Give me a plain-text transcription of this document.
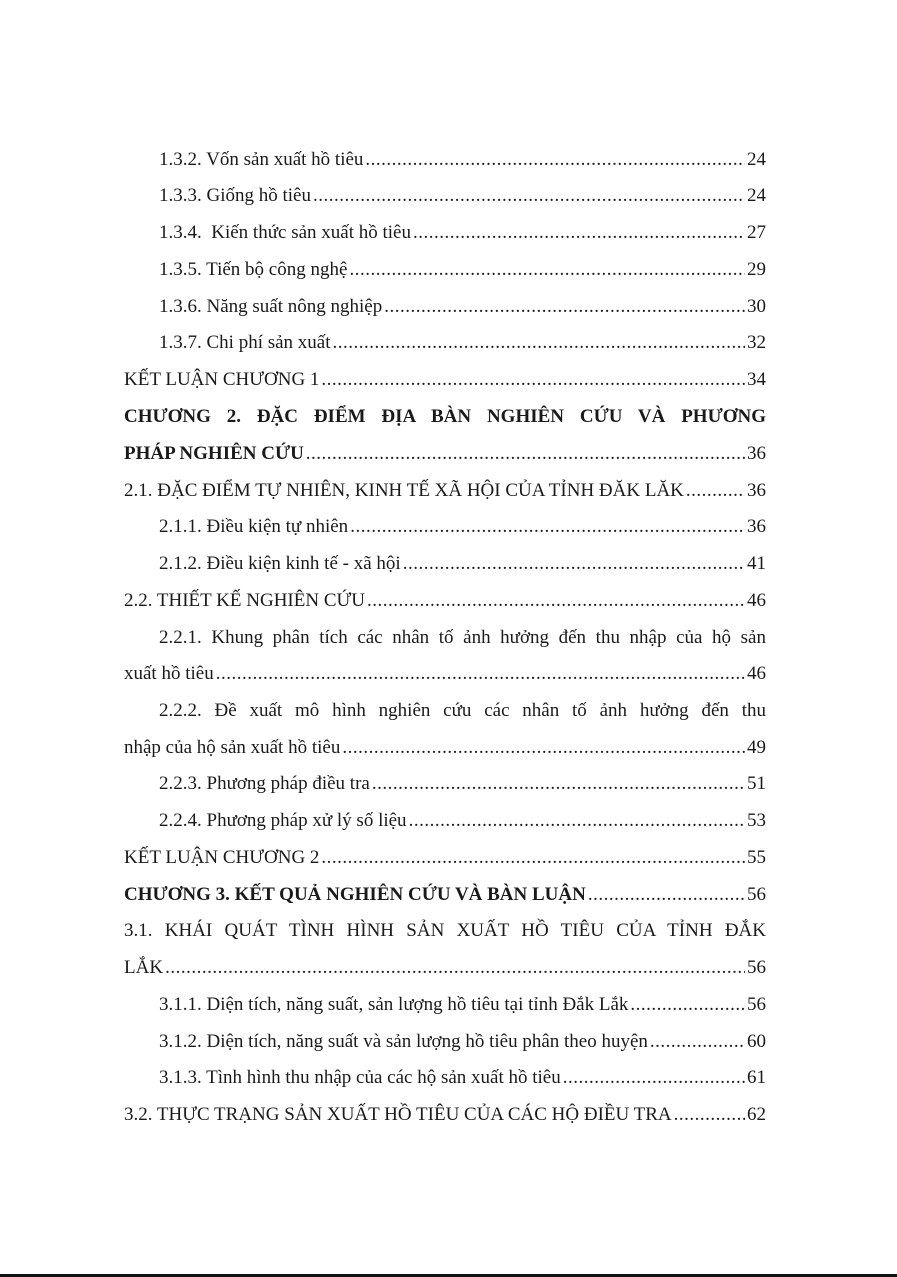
1.3.2. Vốn sản xuất hồ tiêu .....	24
1.3.3. Giống hồ tiêu .....	24
1.3.4.  Kiến thức sản xuất hồ tiêu .....	27
1.3.5. Tiến bộ công nghệ .....	29
1.3.6. Năng suất nông nghiệp .....	30
1.3.7. Chi phí sản xuất .....	32
KẾT LUẬN CHƯƠNG 1 .....	34
CHƯƠNG 2. ĐẶC ĐIỂM ĐỊA BÀN NGHIÊN CỨU VÀ PHƯƠNG
PHÁP NGHIÊN CỨU .....	36
2.1. ĐẶC ĐIỂM TỰ NHIÊN, KINH TẾ XÃ HỘI CỦA TỈNH ĐĂK LĂK .....	36
2.1.1. Điều kiện tự nhiên .....	36
2.1.2. Điều kiện kinh tế - xã hội .....	41
2.2. THIẾT KẾ NGHIÊN CỨU .....	46
2.2.1. Khung phân tích các nhân tố ảnh hưởng đến thu nhập của hộ sản
xuất hồ tiêu .....	46
2.2.2. Đề xuất mô hình nghiên cứu các nhân tố ảnh hưởng đến thu
nhập của hộ sản xuất hồ tiêu .....	49
2.2.3. Phương pháp điều tra .....	51
2.2.4. Phương pháp xử lý số liệu .....	53
KẾT LUẬN CHƯƠNG 2 .....	55
CHƯƠNG 3. KẾT QUẢ NGHIÊN CỨU VÀ BÀN LUẬN .....	56
3.1. KHÁI QUÁT TÌNH HÌNH SẢN XUẤT HỒ TIÊU CỦA TỈNH ĐẮK
LẮK .....	56
3.1.1. Diện tích, năng suất, sản lượng hồ tiêu tại tỉnh Đắk Lắk .....	56
3.1.2. Diện tích, năng suất và sản lượng hồ tiêu phân theo huyện .....	60
3.1.3. Tình hình thu nhập của các hộ sản xuất hồ tiêu .....	61
3.2. THỰC TRẠNG SẢN XUẤT HỒ TIÊU CỦA CÁC HỘ ĐIỀU TRA .....	62
